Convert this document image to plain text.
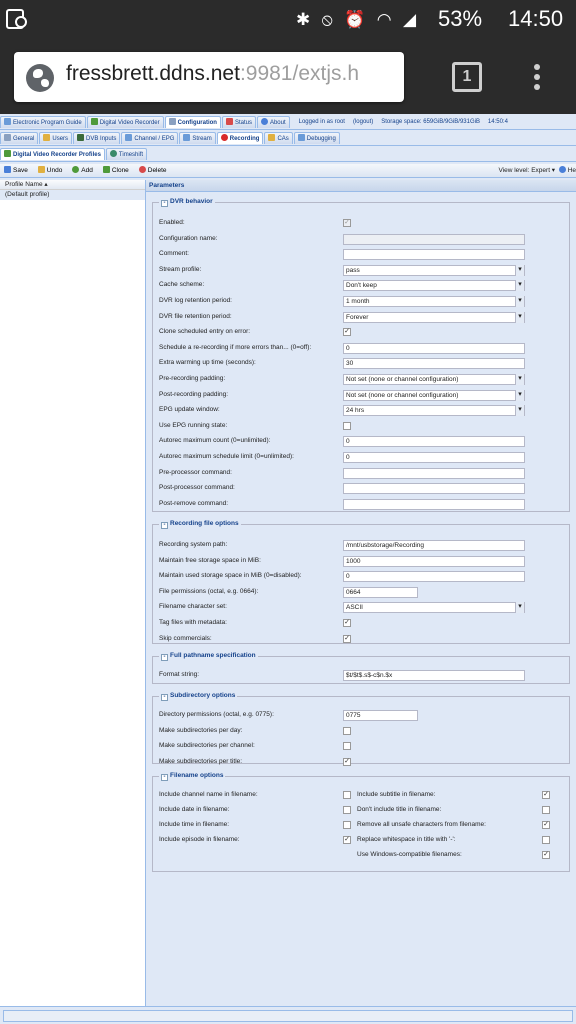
✱ ⦸ ⏰ ◠ ◢ 53% 14:50
fressbrett.ddns.net:9981/extjs.h	1
Electronic Program Guide	Digital Video Recorder	Configuration	Status	About Logged in as root (logout) Storage space: 659GiB/9GiB/931GiB 14:50:4
General	Users	DVB Inputs	Channel / EPG	Stream	Recording	CAs	Debugging
Digital Video Recorder Profiles	Timeshift
Save	Undo	Add	Clone	Delete	View level: Expert ▾  He
Profile Name ▴
(Default profile)
Parameters
- DVR behavior
Enabled:
✓
Configuration name:
Comment:
Stream profile:	pass ▾
Cache scheme:	Don't keep ▾
DVR log retention period:	1 month ▾
DVR file retention period:	Forever ▾
Clone scheduled entry on error:
✓
Schedule a re-recording if more errors than... (0=off):	0
Extra warming up time (seconds):	30
Pre-recording padding:	Not set (none or channel configuration) ▾
Post-recording padding:	Not set (none or channel configuration) ▾
EPG update window:	24 hrs ▾
Use EPG running state:
Autorec maximum count (0=unlimited):	0
Autorec maximum schedule limit (0=unlimited):	0
Pre-processor command:
Post-processor command:
Post-remove command:
- Recording file options
Recording system path:	/mnt/usbstorage/Recording
Maintain free storage space in MiB:	1000
Maintain used storage space in MiB (0=disabled):	0
File permissions (octal, e.g. 0664):	0664
Filename character set:	ASCII ▾
Tag files with metadata:
✓
Skip commercials:
✓
- Full pathname specification
Format string:	$t/$t$.s$-c$n.$x
- Subdirectory options
Directory permissions (octal, e.g. 0775):	0775
Make subdirectories per day:
Make subdirectories per channel:
Make subdirectories per title:
✓
- Filename options
Include channel name in filename:
Include date in filename:
Include time in filename:
Include episode in filename:
✓
Include subtitle in filename:
✓
Don't include title in filename:
Remove all unsafe characters from filename:
✓
Replace whitespace in title with '-':
Use Windows-compatible filenames:
✓
